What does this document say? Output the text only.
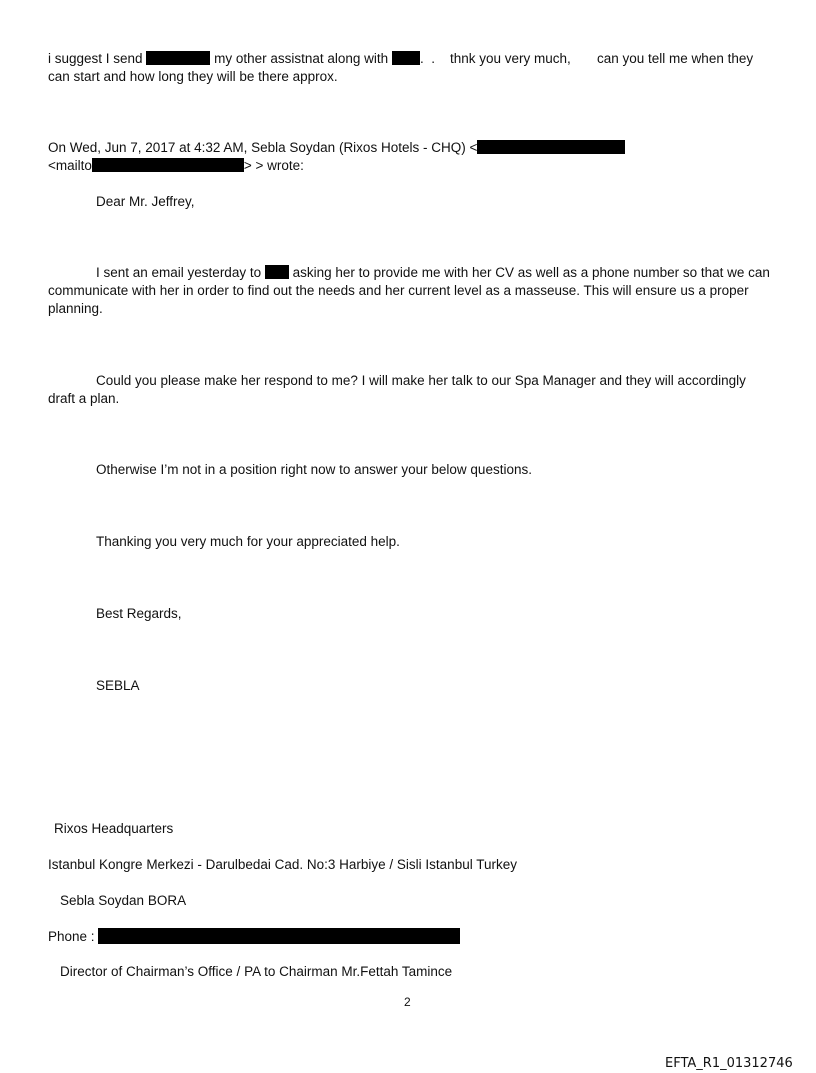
i suggest I send	my other assistnat along with .  .    thnk you very much,       can you tell me when they
can start and how long they will be there approx.
On Wed, Jun 7, 2017 at 4:32 AM, Sebla Soydan (Rixos Hotels - CHQ) <
<mailto	> > wrote:
Dear Mr. Jeffrey,
I sent an email yesterday to asking her to provide me with her CV as well as a phone number so that we can
communicate with her in order to find out the needs and her current level as a masseuse. This will ensure us a proper
planning.
Could you please make her respond to me? I will make her talk to our Spa Manager and they will accordingly
draft a plan.
Otherwise I’m not in a position right now to answer your below questions.
Thanking you very much for your appreciated help.
Best Regards,
SEBLA
Rixos Headquarters
Istanbul Kongre Merkezi - Darulbedai Cad. No:3 Harbiye / Sisli Istanbul Turkey
Sebla Soydan BORA
Phone :
Director of Chairman’s Office / PA to Chairman Mr.Fettah Tamince
2
EFTA_R1_01312746
